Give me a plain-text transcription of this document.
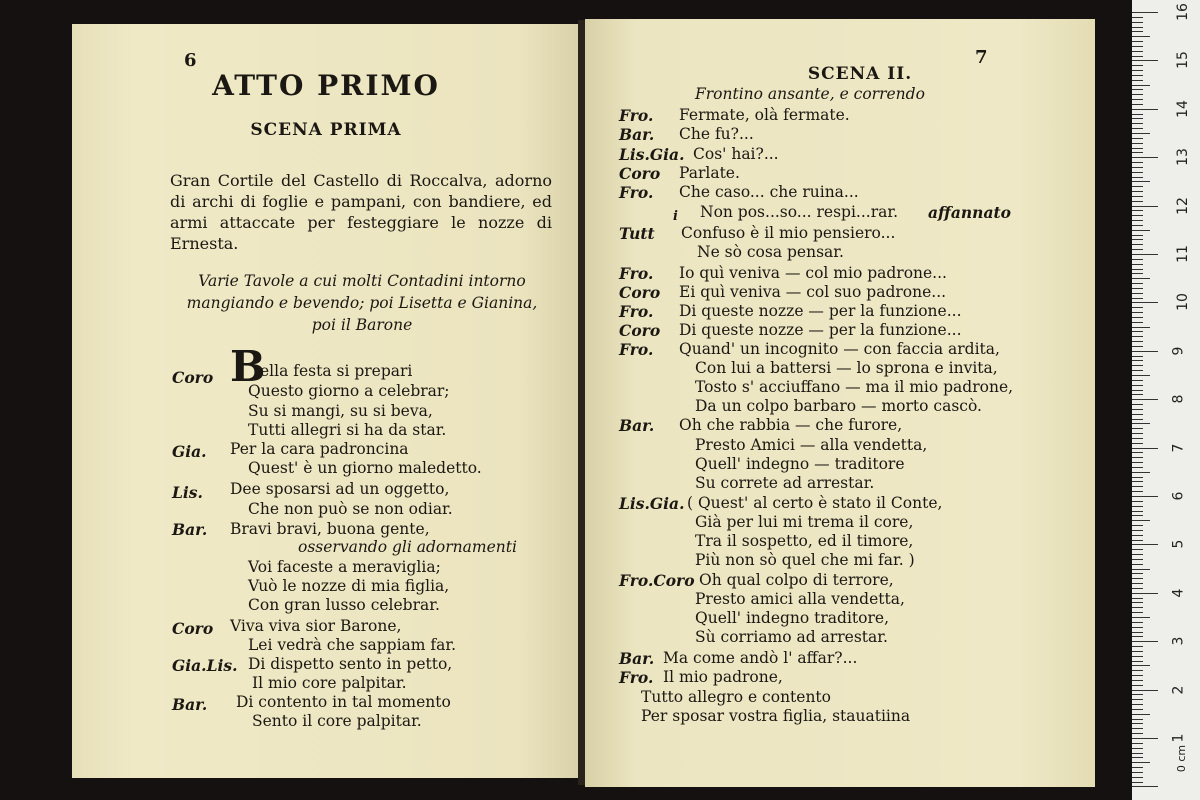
6
ATTO PRIMO
SCENA PRIMA
Gran Cortile del Castello di Roccalva, adorno di archi di foglie e pampani, con bandiere, ed armi attaccate per festeggiare le nozze di Ernesta.
Varie Tavole a cui molti Contadini intorno mangiando e bevendo; poi Lisetta e Gianina, poi il Barone
B
Coro
Gia.
Lis.
Bar.
Coro
Gia.Lis.
Bar.
ella festa si prepari
Questo giorno a celebrar;
Su si mangi, su si beva,
Tutti allegri si ha da star.
Per la cara padroncina
Quest' è un giorno maledetto.
Dee sposarsi ad un oggetto,
Che non può se non odiar.
Bravi bravi, buona gente,
osservando gli adornamenti
Voi faceste a meraviglia;
Vuò le nozze di mia figlia,
Con gran lusso celebrar.
Viva viva sior Barone,
Lei vedrà che sappiam far.
Di dispetto sento in petto,
Il mio core palpitar.
Di contento in tal momento
Sento il core palpitar.
7
SCENA II.
Frontino ansante, e correndo
Fro.
Bar.
Lis.Gia.
Coro
Fro.
Tutt
i
Fro.
Coro
Fro.
Coro
Fro.
Bar.
Lis.Gia.
Fro.Coro
Bar.
Fro.
Fermate, olà fermate.
Che fu?...
Cos' hai?...
Parlate.
Che caso... che ruina...
Non pos...so... respi...rar. affannato
Confuso è il mio pensiero...
Ne sò cosa pensar.
Io quì veniva — col mio padrone...
Ei quì veniva — col suo padrone...
Di queste nozze — per la funzione...
Di queste nozze — per la funzione...
Quand' un incognito — con faccia ardita,
Con lui a battersi — lo sprona e invita,
Tosto s' acciuffano — ma il mio padrone,
Da un colpo barbaro — morto cascò.
Oh che rabbia — che furore,
Presto Amici — alla vendetta,
Quell' indegno — traditore
Su correte ad arrestar.
( Quest' al certo è stato il Conte,
Già per lui mi trema il core,
Tra il sospetto, ed il timore,
Più non sò quel che mi far. )
Oh qual colpo di terrore,
Presto amici alla vendetta,
Quell' indegno traditore,
Sù corriamo ad arrestar.
Ma come andò l' affar?...
Il mio padrone,
Tutto allegro e contento
Per sposar vostra figlia, stauatiina
0 cm
16
15
14
13
12
11
10
9
8
7
6
5
4
3
2
1
